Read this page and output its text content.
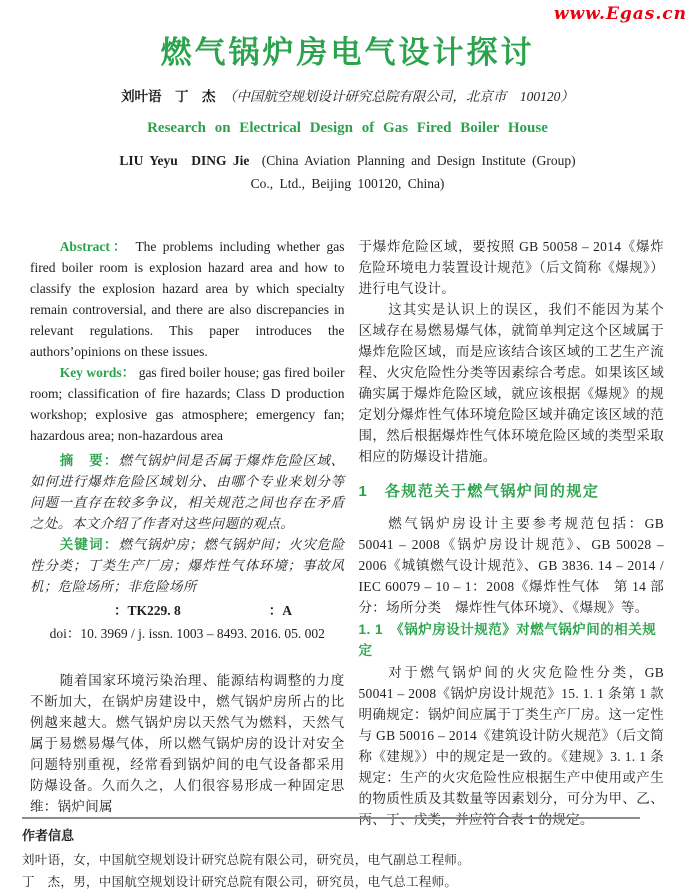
www.Egas.cn
燃气锅炉房电气设计探讨
刘叶语　丁　杰 （中国航空规划设计研究总院有限公司，北京市　100120）
Research on Electrical Design of Gas Fired Boiler House
LIU Yeyu　DING Jie (China Aviation Planning and Design Institute (Group)
Co., Ltd., Beijing 100120, China)

Abstract： The problems including whether gas fired boiler room is explosion hazard area and how to classify the explosion hazard area by which specialty remain controversial, and there are also discrepancies in relevant regulations. This paper introduces the authors’opinions on these issues.

Key words： gas fired boiler house; gas fired boiler room; classification of fire hazards; Class D production workshop; explosive gas atmosphere; emergency fan; hazardous area; non-hazardous area

摘　要：燃气锅炉间是否属于爆炸危险区域、如何进行爆炸危险区域划分、由哪个专业来划分等问题一直存在较多争议，相关规范之间也存在矛盾之处。本文介绍了作者对这些问题的观点。

关键词：燃气锅炉房；燃气锅炉间；火灾危险性分类；丁类生产厂房；爆炸性气体环境；事故风机；危险场所；非危险场所

：TK229. 8	：A
doi：10. 3969 / j. issn. 1003 – 8493. 2016. 05. 002

随着国家环境污染治理、能源结构调整的力度不断加大，在锅炉房建设中，燃气锅炉房所占的比例越来越大。燃气锅炉房以天然气为燃料，天然气属于易燃易爆气体，所以燃气锅炉房的设计对安全问题特别重视，经常看到锅炉间的电气设备都采用防爆设备。久而久之，人们很容易形成一种固定思维：锅炉间属

于爆炸危险区域，要按照 GB 50058 – 2014《爆炸危险环境电力装置设计规范》（后文简称《爆规》）进行电气设计。

这其实是认识上的误区，我们不能因为某个区域存在易燃易爆气体，就简单判定这个区域属于爆炸危险区域，而是应该结合该区域的工艺生产流程、火灾危险性分类等因素综合考虑。如果该区域确实属于爆炸危险区域，就应该根据《爆规》的规定划分爆炸性气体环境危险区域并确定该区域的范围，然后根据爆炸性气体环境危险区域的类型采取相应的防爆设计措施。

1　各规范关于燃气锅炉间的规定

燃气锅炉房设计主要参考规范包括：GB 50041 – 2008《锅炉房设计规范》、GB 50028 – 2006《城镇燃气设计规范》、GB 3836. 14 – 2014 / IEC 60079 – 10 – 1：2008《爆炸性气体　第 14 部分：场所分类　爆炸性气体环境》、《爆规》等。

1. 1　《锅炉房设计规范》对燃气锅炉间的相关规定

对于燃气锅炉间的火灾危险性分类，GB 50041 – 2008《锅炉房设计规范》15. 1. 1 条第 1 款明确规定：锅炉间应属于丁类生产厂房。这一定性与 GB 50016 – 2014《建筑设计防火规范》（后文简称《建规》）中的规定是一致的。《建规》3. 1. 1 条规定：生产的火灾危险性应根据生产中使用或产生的物质性质及其数量等因素划分，可分为甲、乙、丙、丁、戊类，并应符合表 1 的规定。

作者信息
刘叶语，女，中国航空规划设计研究总院有限公司，研究员，电气副总工程师。
丁　杰，男，中国航空规划设计研究总院有限公司，研究员，电气总工程师。
